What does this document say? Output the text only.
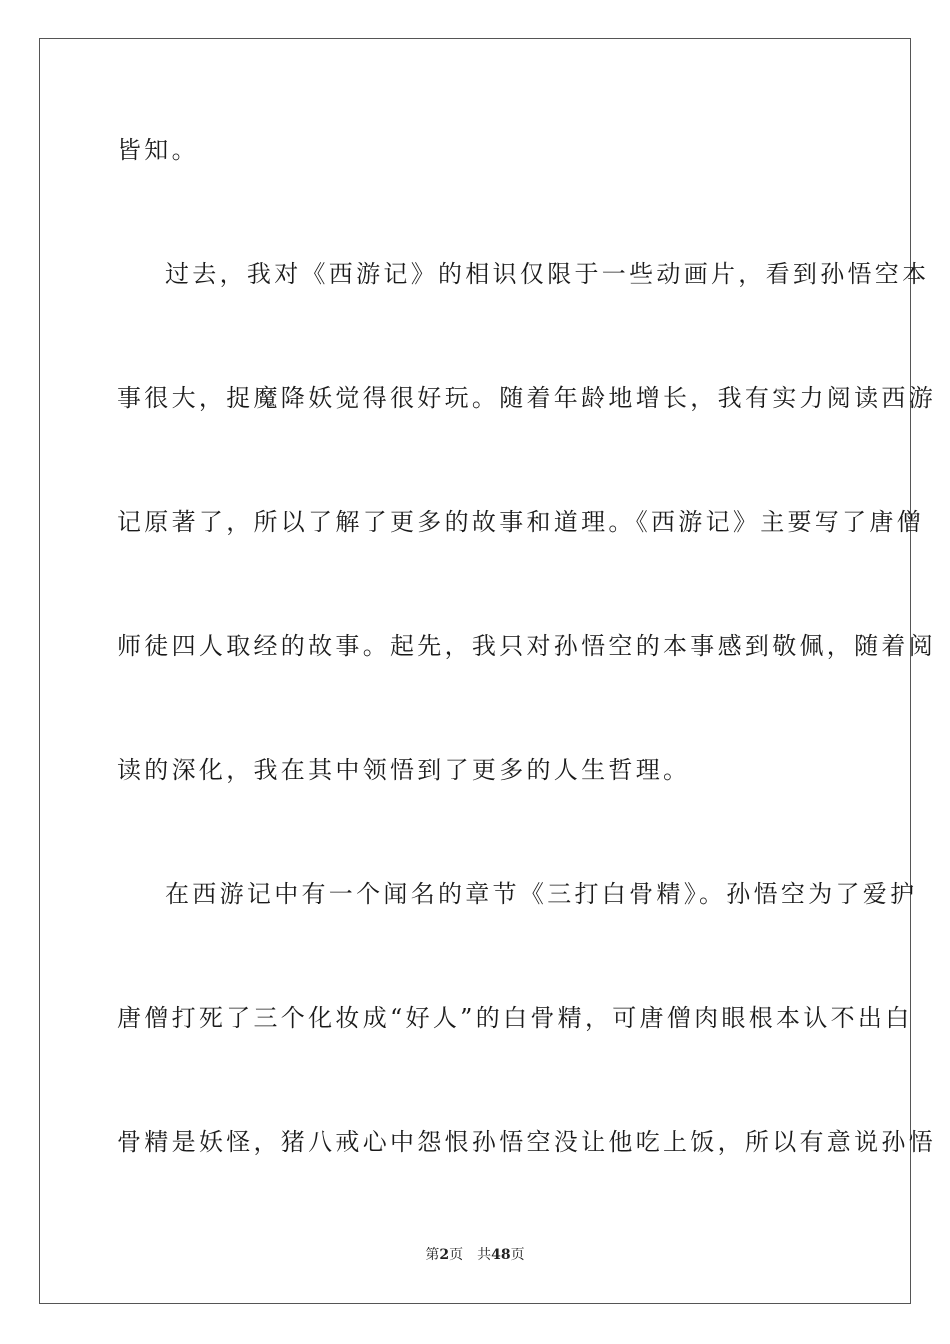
皆知。
过去，我对《西游记》的相识仅限于一些动画片，看到孙悟空本
事很大，捉魔降妖觉得很好玩。随着年龄地增长，我有实力阅读西游
记原著了，所以了解了更多的故事和道理。《西游记》主要写了唐僧
师徒四人取经的故事。起先，我只对孙悟空的本事感到敬佩，随着阅
读的深化，我在其中领悟到了更多的人生哲理。
在西游记中有一个闻名的章节《三打白骨精》。孙悟空为了爱护
唐僧打死了三个化妆成“好人”的白骨精，可唐僧肉眼根本认不出白
骨精是妖怪，猪八戒心中怨恨孙悟空没让他吃上饭，所以有意说孙悟
第2页 共48页
